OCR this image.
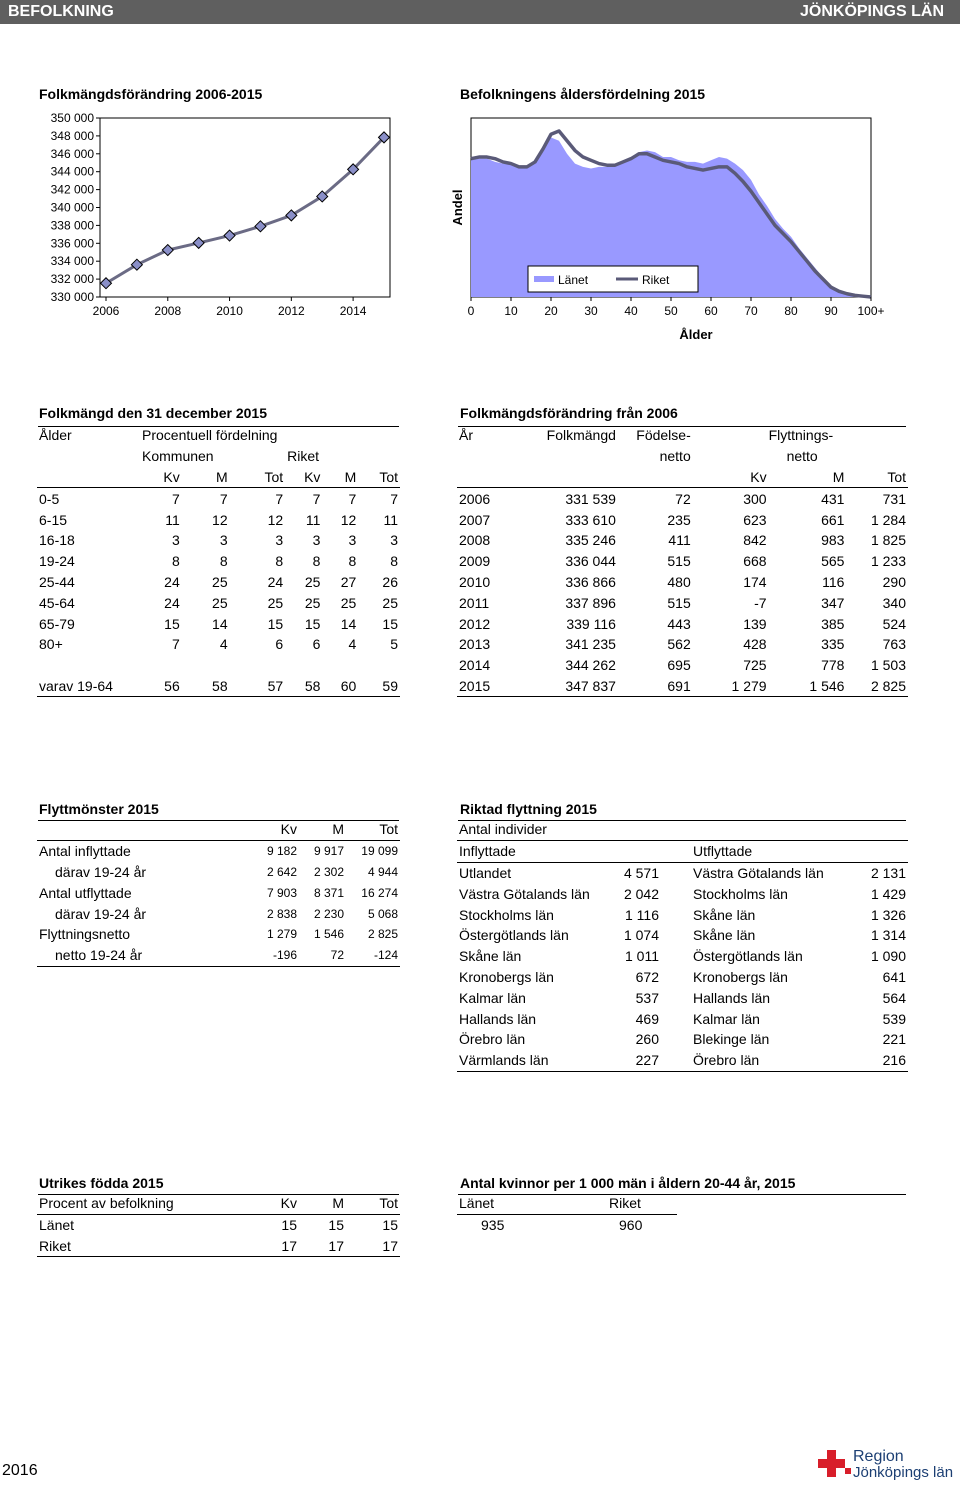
BEFOLKNING	JÖNKÖPINGS LÄN
Folkmängdsförändring 2006-2015
350 000
348 000
346 000
344 000
342 000
340 000
338 000
336 000
334 000
332 000
330 000
2006	2008	2010	2012	2014
Befolkningens åldersfördelning 2015
Andel
0 10 20 30 40 50 60 70 80 90 100+
Ålder
Länet	Riket
Folkmängd den 31 december 2015
Ålder	Procentuell fördelning					
	Kommunen			Riket		
	Kv	M	Tot	Kv	M	Tot
0-5	7	7	7	7	7	7
6-15	11	12	12	11	12	11
16-18	3	3	3	3	3	3
19-24	8	8	8	8	8	8
25-44	24	25	24	25	27	26
45-64	24	25	25	25	25	25
65-79	15	14	15	15	14	15
80+	7	4	6	6	4	5

varav 19-64	56	58	57	58	60	59
Folkmängdsförändring från 2006
År	Folkmängd	Födelse-		Flyttnings-	
		netto		netto	
			Kv	M	Tot
2006	331 539	72	300	431	731
2007	333 610	235	623	661	1 284
2008	335 246	411	842	983	1 825
2009	336 044	515	668	565	1 233
2010	336 866	480	174	116	290
2011	337 896	515	-7	347	340
2012	339 116	443	139	385	524
2013	341 235	562	428	335	763
2014	344 262	695	725	778	1 503
2015	347 837	691	1 279	1 546	2 825
Flyttmönster 2015
	Kv	M	Tot
Antal inflyttade	9 182	9 917	19 099
därav 19-24 år	2 642	2 302	4 944
Antal utflyttade	7 903	8 371	16 274
därav 19-24 år	2 838	2 230	5 068
Flyttningsnetto	1 279	1 546	2 825
netto 19-24 år	-196	72	-124
Riktad flyttning 2015
Antal individer			
Inflyttade		Utflyttade	
Utlandet	4 571	Västra Götalands län	2 131
Västra Götalands län	2 042	Stockholms län	1 429
Stockholms län	1 116	Skåne län	1 326
Östergötlands län	1 074	Skåne län	1 314
Skåne län	1 011	Östergötlands län	1 090
Kronobergs län	672	Kronobergs län	641
Kalmar län	537	Hallands län	564
Hallands län	469	Kalmar län	539
Örebro län	260	Blekinge län	221
Värmlands län	227	Örebro län	216
Utrikes födda 2015
Procent av befolkning	Kv	M	Tot
Länet	15	15	15
Riket	17	17	17
Antal kvinnor per 1 000 män i åldern 20-44 år, 2015
Länet	Riket
935	960
2016
Region
Jönköpings län
